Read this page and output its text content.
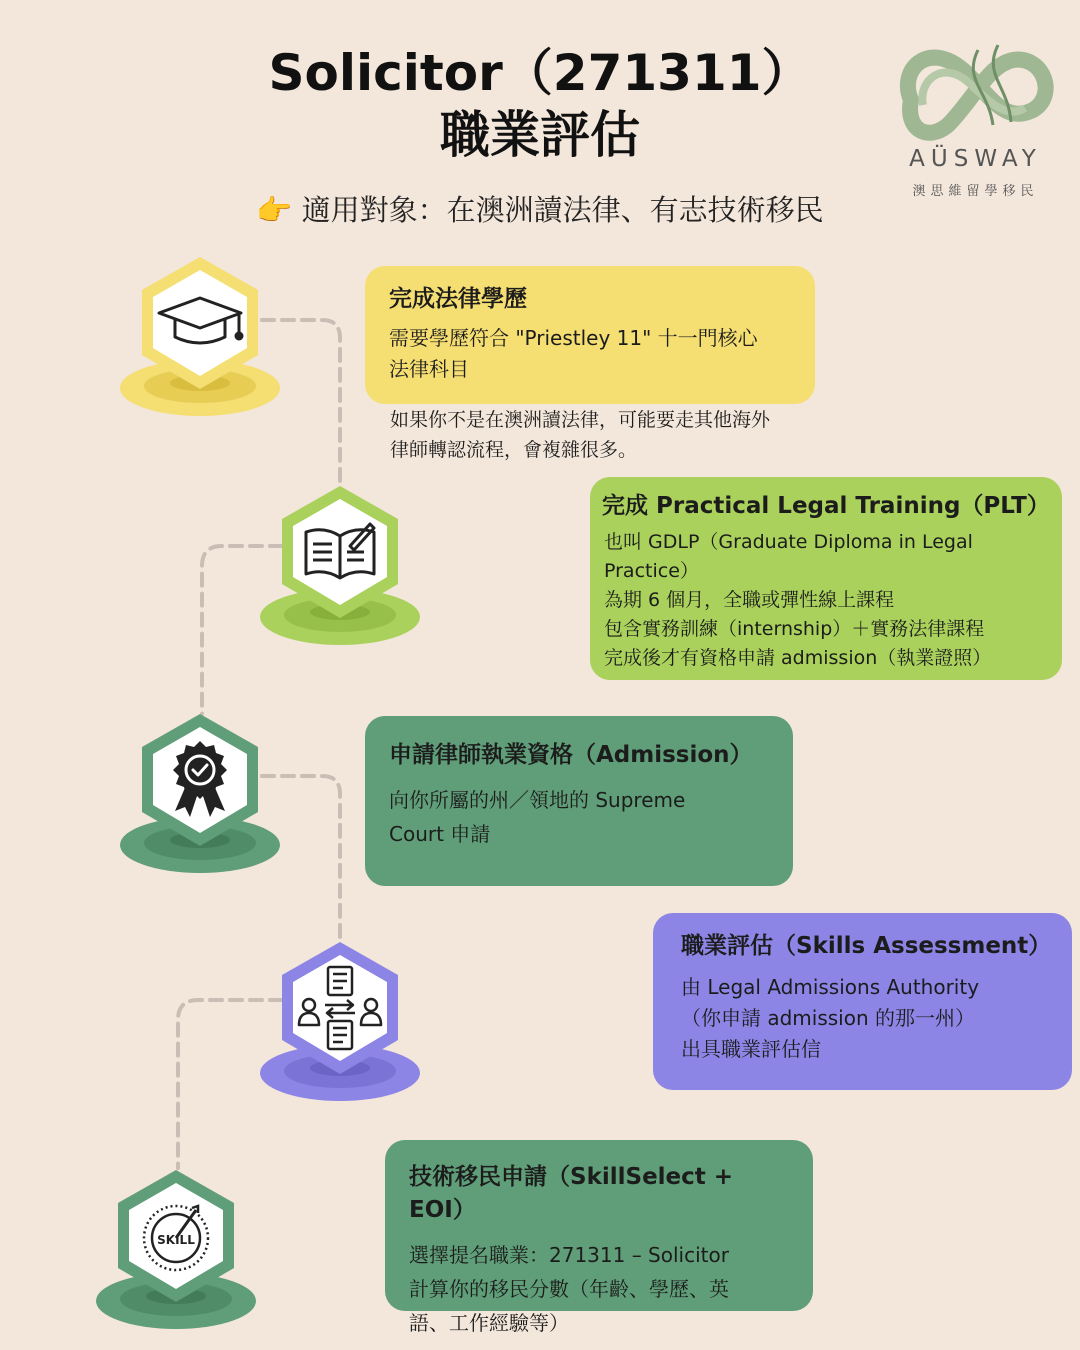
Solicitor（271311）
職業評估
👉 適用對象：在澳洲讀法律、有志技術移民
AÜSWAY
澳思維留學移民
SKILL
完成法律學歷
需要學歷符合 "Priestley 11" 十一門核心
法律科目
如果你不是在澳洲讀法律，可能要走其他海外
律師轉認流程，會複雜很多。
完成 Practical Legal Training（PLT）
也叫 GDLP（Graduate Diploma in Legal
Practice）
為期 6 個月，全職或彈性線上課程
包含實務訓練（internship）＋實務法律課程
完成後才有資格申請 admission（執業證照）
申請律師執業資格（Admission）
向你所屬的州／領地的 Supreme
Court 申請
職業評估（Skills Assessment）
由 Legal Admissions Authority
（你申請 admission 的那一州）
出具職業評估信
技術移民申請（SkillSelect + EOI）
選擇提名職業：271311 – Solicitor
計算你的移民分數（年齡、學歷、英
語、工作經驗等）
